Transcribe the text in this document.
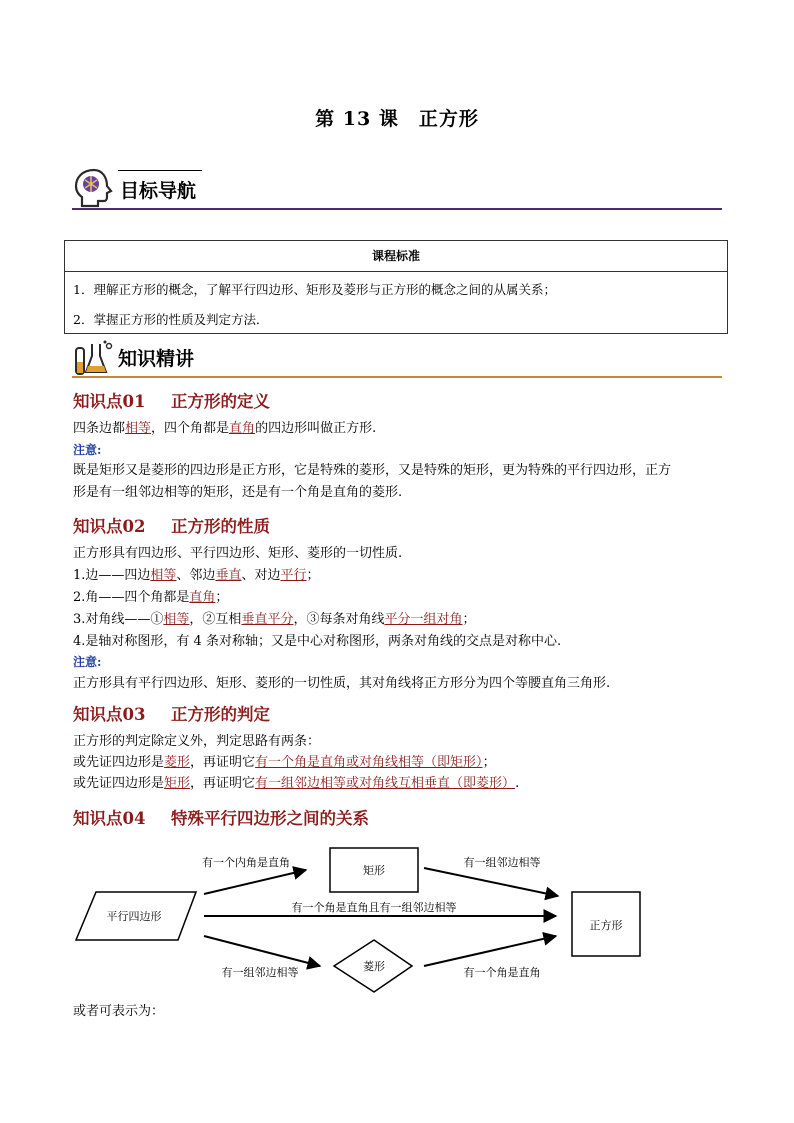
第 13 课　正方形
目标导航
课程标准
1．理解正方形的概念，了解平行四边形、矩形及菱形与正方形的概念之间的从属关系；
2．掌握正方形的性质及判定方法．
知识精讲
知识点01 正方形的定义
四条边都相等，四个角都是直角的四边形叫做正方形.
注意:
既是矩形又是菱形的四边形是正方形，它是特殊的菱形，又是特殊的矩形，更为特殊的平行四边形，正方
形是有一组邻边相等的矩形，还是有一个角是直角的菱形.
知识点02 正方形的性质
正方形具有四边形、平行四边形、矩形、菱形的一切性质.
1.边——四边相等、邻边垂直、对边平行；
2.角——四个角都是直角；
3.对角线——①相等，②互相垂直平分，③每条对角线平分一组对角；
4.是轴对称图形，有 4 条对称轴；又是中心对称图形，两条对角线的交点是对称中心.
注意:
正方形具有平行四边形、矩形、菱形的一切性质，其对角线将正方形分为四个等腰直角三角形.
知识点03 正方形的判定
正方形的判定除定义外，判定思路有两条：
或先证四边形是菱形，再证明它有一个角是直角或对角线相等（即矩形）；
或先证四边形是矩形，再证明它有一组邻边相等或对角线互相垂直（即菱形）.
知识点04 特殊平行四边形之间的关系
平行四边形
矩形
菱形
正方形
有一个内角是直角	有一组邻边相等
有一个角是直角且有一组邻边相等
有一组邻边相等	有一个角是直角
或者可表示为：
